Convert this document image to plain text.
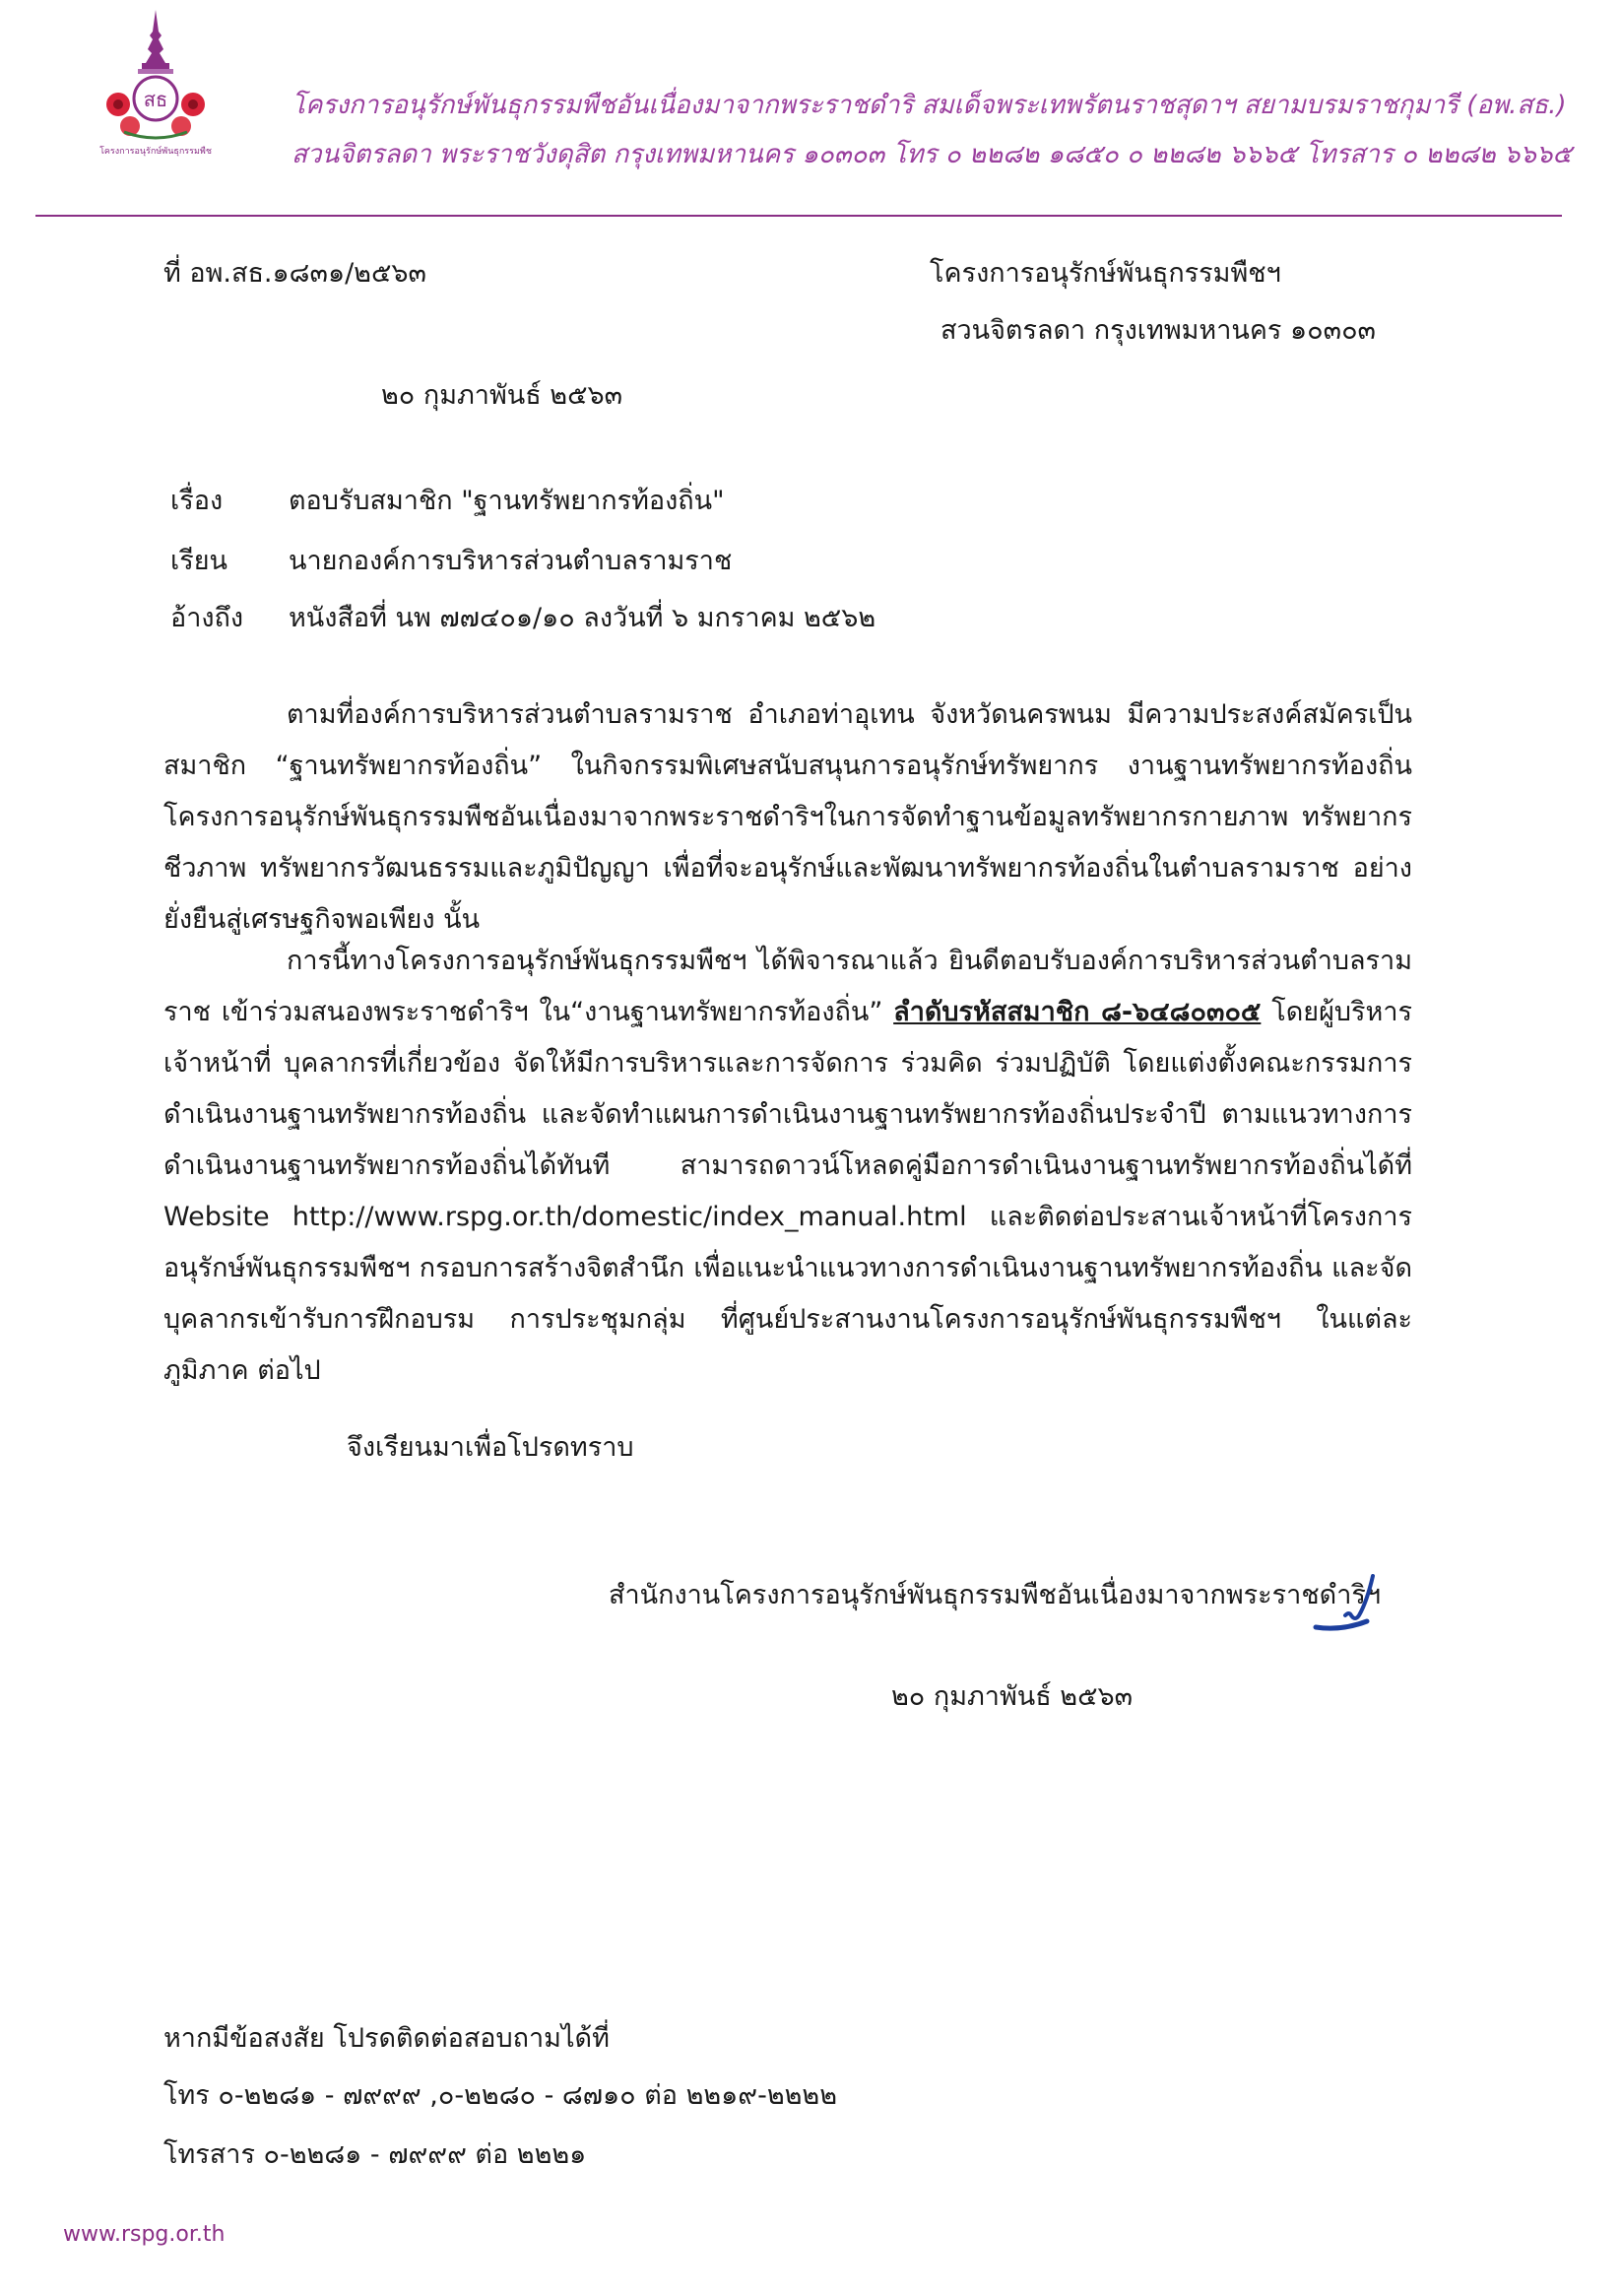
สธ
โครงการอนุรักษ์พันธุกรรมพืช
โครงการอนุรักษ์พันธุกรรมพืชอันเนื่องมาจากพระราชดำริ สมเด็จพระเทพรัตนราชสุดาฯ สยามบรมราชกุมารี (อพ.สธ.)
สวนจิตรลดา พระราชวังดุสิต กรุงเทพมหานคร ๑๐๓๐๓ โทร ๐ ๒๒๘๒ ๑๘๕๐ ๐ ๒๒๘๒ ๖๖๖๕ โทรสาร ๐ ๒๒๘๒ ๖๖๖๕
ที่ อพ.สธ.๑๘๓๑/๒๕๖๓	โครงการอนุรักษ์พันธุกรรมพืชฯ
สวนจิตรลดา กรุงเทพมหานคร ๑๐๓๐๓
๒๐ กุมภาพันธ์ ๒๕๖๓
เรื่อง ตอบรับสมาชิก "ฐานทรัพยากรท้องถิ่น"
เรียน นายกองค์การบริหารส่วนตำบลรามราช
อ้างถึง หนังสือที่ นพ ๗๗๔๐๑/๑๐ ลงวันที่ ๖ มกราคม ๒๕๖๒

ตามที่องค์การบริหารส่วนตำบลรามราช อำเภอท่าอุเทน จังหวัดนครพนม มีความประสงค์สมัครเป็นสมาชิก “ฐานทรัพยากรท้องถิ่น” ในกิจกรรมพิเศษสนับสนุนการอนุรักษ์ทรัพยากร งานฐานทรัพยากรท้องถิ่น โครงการอนุรักษ์พันธุกรรมพืชอันเนื่องมาจากพระราชดำริฯในการจัดทำฐานข้อมูลทรัพยากรกายภาพ ทรัพยากรชีวภาพ ทรัพยากรวัฒนธรรมและภูมิปัญญา เพื่อที่จะอนุรักษ์และพัฒนาทรัพยากรท้องถิ่นในตำบลรามราช อย่างยั่งยืนสู่เศรษฐกิจพอเพียง นั้น

การนี้ทางโครงการอนุรักษ์พันธุกรรมพืชฯ ได้พิจารณาแล้ว ยินดีตอบรับองค์การบริหารส่วนตำบลรามราช เข้าร่วมสนองพระราชดำริฯ ใน“งานฐานทรัพยากรท้องถิ่น” ลำดับรหัสสมาชิก ๘-๖๔๘๐๓๐๕ โดยผู้บริหาร เจ้าหน้าที่ บุคลากรที่เกี่ยวข้อง จัดให้มีการบริหารและการจัดการ ร่วมคิด ร่วมปฏิบัติ โดยแต่งตั้งคณะกรรมการดำเนินงานฐานทรัพยากรท้องถิ่น และจัดทำแผนการดำเนินงานฐานทรัพยากรท้องถิ่นประจำปี ตามแนวทางการดำเนินงานฐานทรัพยากรท้องถิ่นได้ทันที สามารถดาวน์โหลดคู่มือการดำเนินงานฐานทรัพยากรท้องถิ่นได้ที่ Website http://www.rspg.or.th/domestic/index_manual.html และติดต่อประสานเจ้าหน้าที่โครงการอนุรักษ์พันธุกรรมพืชฯ กรอบการสร้างจิตสำนึก เพื่อแนะนำแนวทางการดำเนินงานฐานทรัพยากรท้องถิ่น และจัดบุคลากรเข้ารับการฝึกอบรม การประชุมกลุ่ม ที่ศูนย์ประสานงานโครงการอนุรักษ์พันธุกรรมพืชฯ ในแต่ละภูมิภาค ต่อไป

จึงเรียนมาเพื่อโปรดทราบ
สำนักงานโครงการอนุรักษ์พันธุกรรมพืชอันเนื่องมาจากพระราชดำริฯ
๒๐ กุมภาพันธ์ ๒๕๖๓
หากมีข้อสงสัย โปรดติดต่อสอบถามได้ที่
โทร ๐-๒๒๘๑ - ๗๙๙๙ ,๐-๒๒๘๐ - ๘๗๑๐ ต่อ ๒๒๑๙-๒๒๒๒
โทรสาร ๐-๒๒๘๑ - ๗๙๙๙ ต่อ ๒๒๒๑
www.rspg.or.th
